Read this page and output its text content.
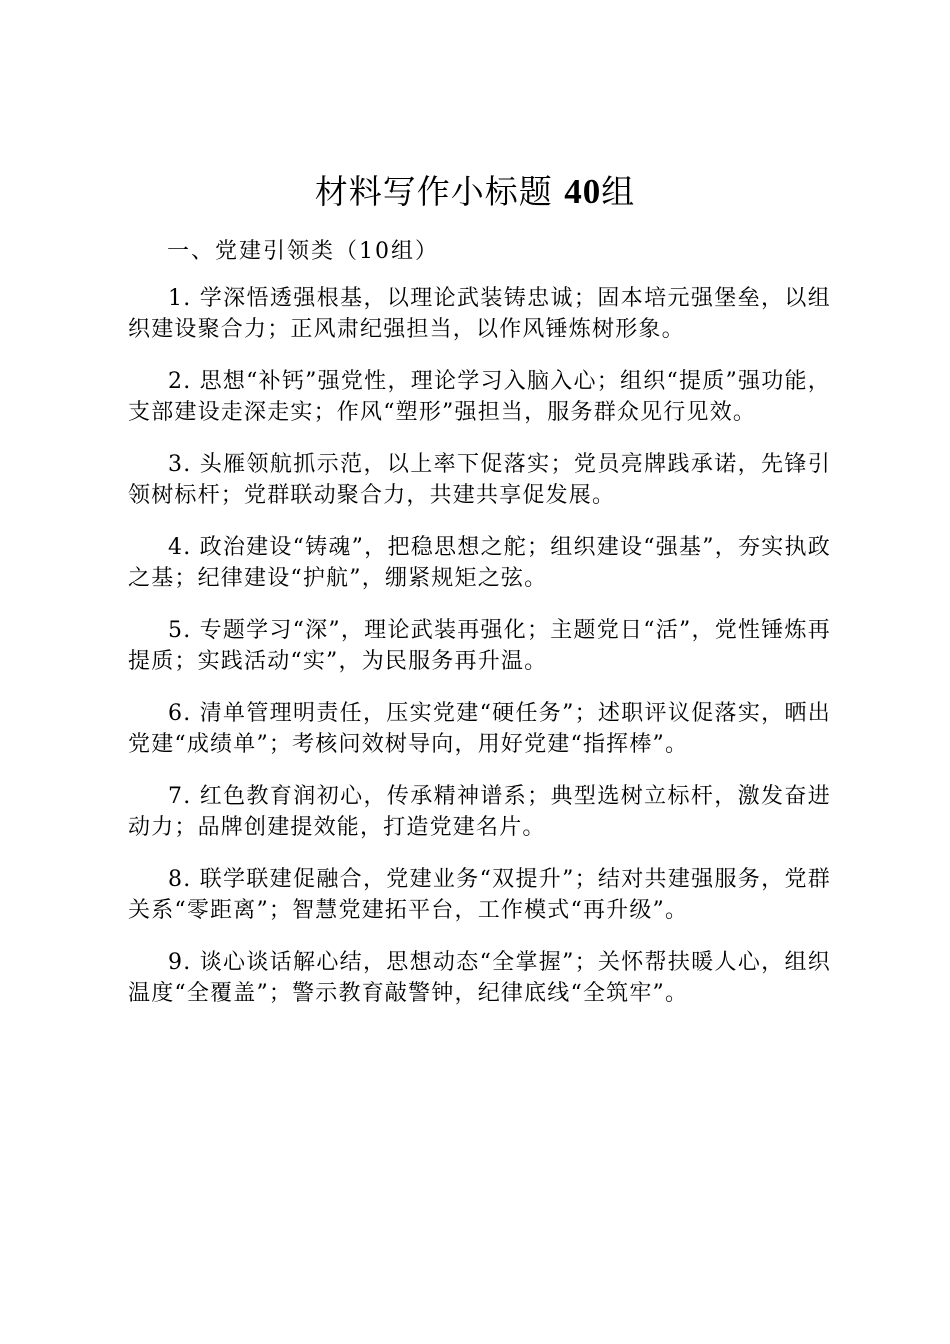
材料写作小标题 40组
一、党建引领类（10组）

1. 学深悟透强根基，以理论武装铸忠诚；固本培元强堡垒，以组织建设聚合力；正风肃纪强担当，以作风锤炼树形象。

2. 思想“补钙”强党性，理论学习入脑入心；组织“提质”强功能，支部建设走深走实；作风“塑形”强担当，服务群众见行见效。

3. 头雁领航抓示范，以上率下促落实；党员亮牌践承诺，先锋引领树标杆；党群联动聚合力，共建共享促发展。

4. 政治建设“铸魂”，把稳思想之舵；组织建设“强基”，夯实执政之基；纪律建设“护航”，绷紧规矩之弦。

5. 专题学习“深”，理论武装再强化；主题党日“活”，党性锤炼再提质；实践活动“实”，为民服务再升温。

6. 清单管理明责任，压实党建“硬任务”；述职评议促落实，晒出党建“成绩单”；考核问效树导向，用好党建“指挥棒”。

7. 红色教育润初心，传承精神谱系；典型选树立标杆，激发奋进动力；品牌创建提效能，打造党建名片。

8. 联学联建促融合，党建业务“双提升”；结对共建强服务，党群关系“零距离”；智慧党建拓平台，工作模式“再升级”。

9. 谈心谈话解心结，思想动态“全掌握”；关怀帮扶暖人心，组织温度“全覆盖”；警示教育敲警钟，纪律底线“全筑牢”。
